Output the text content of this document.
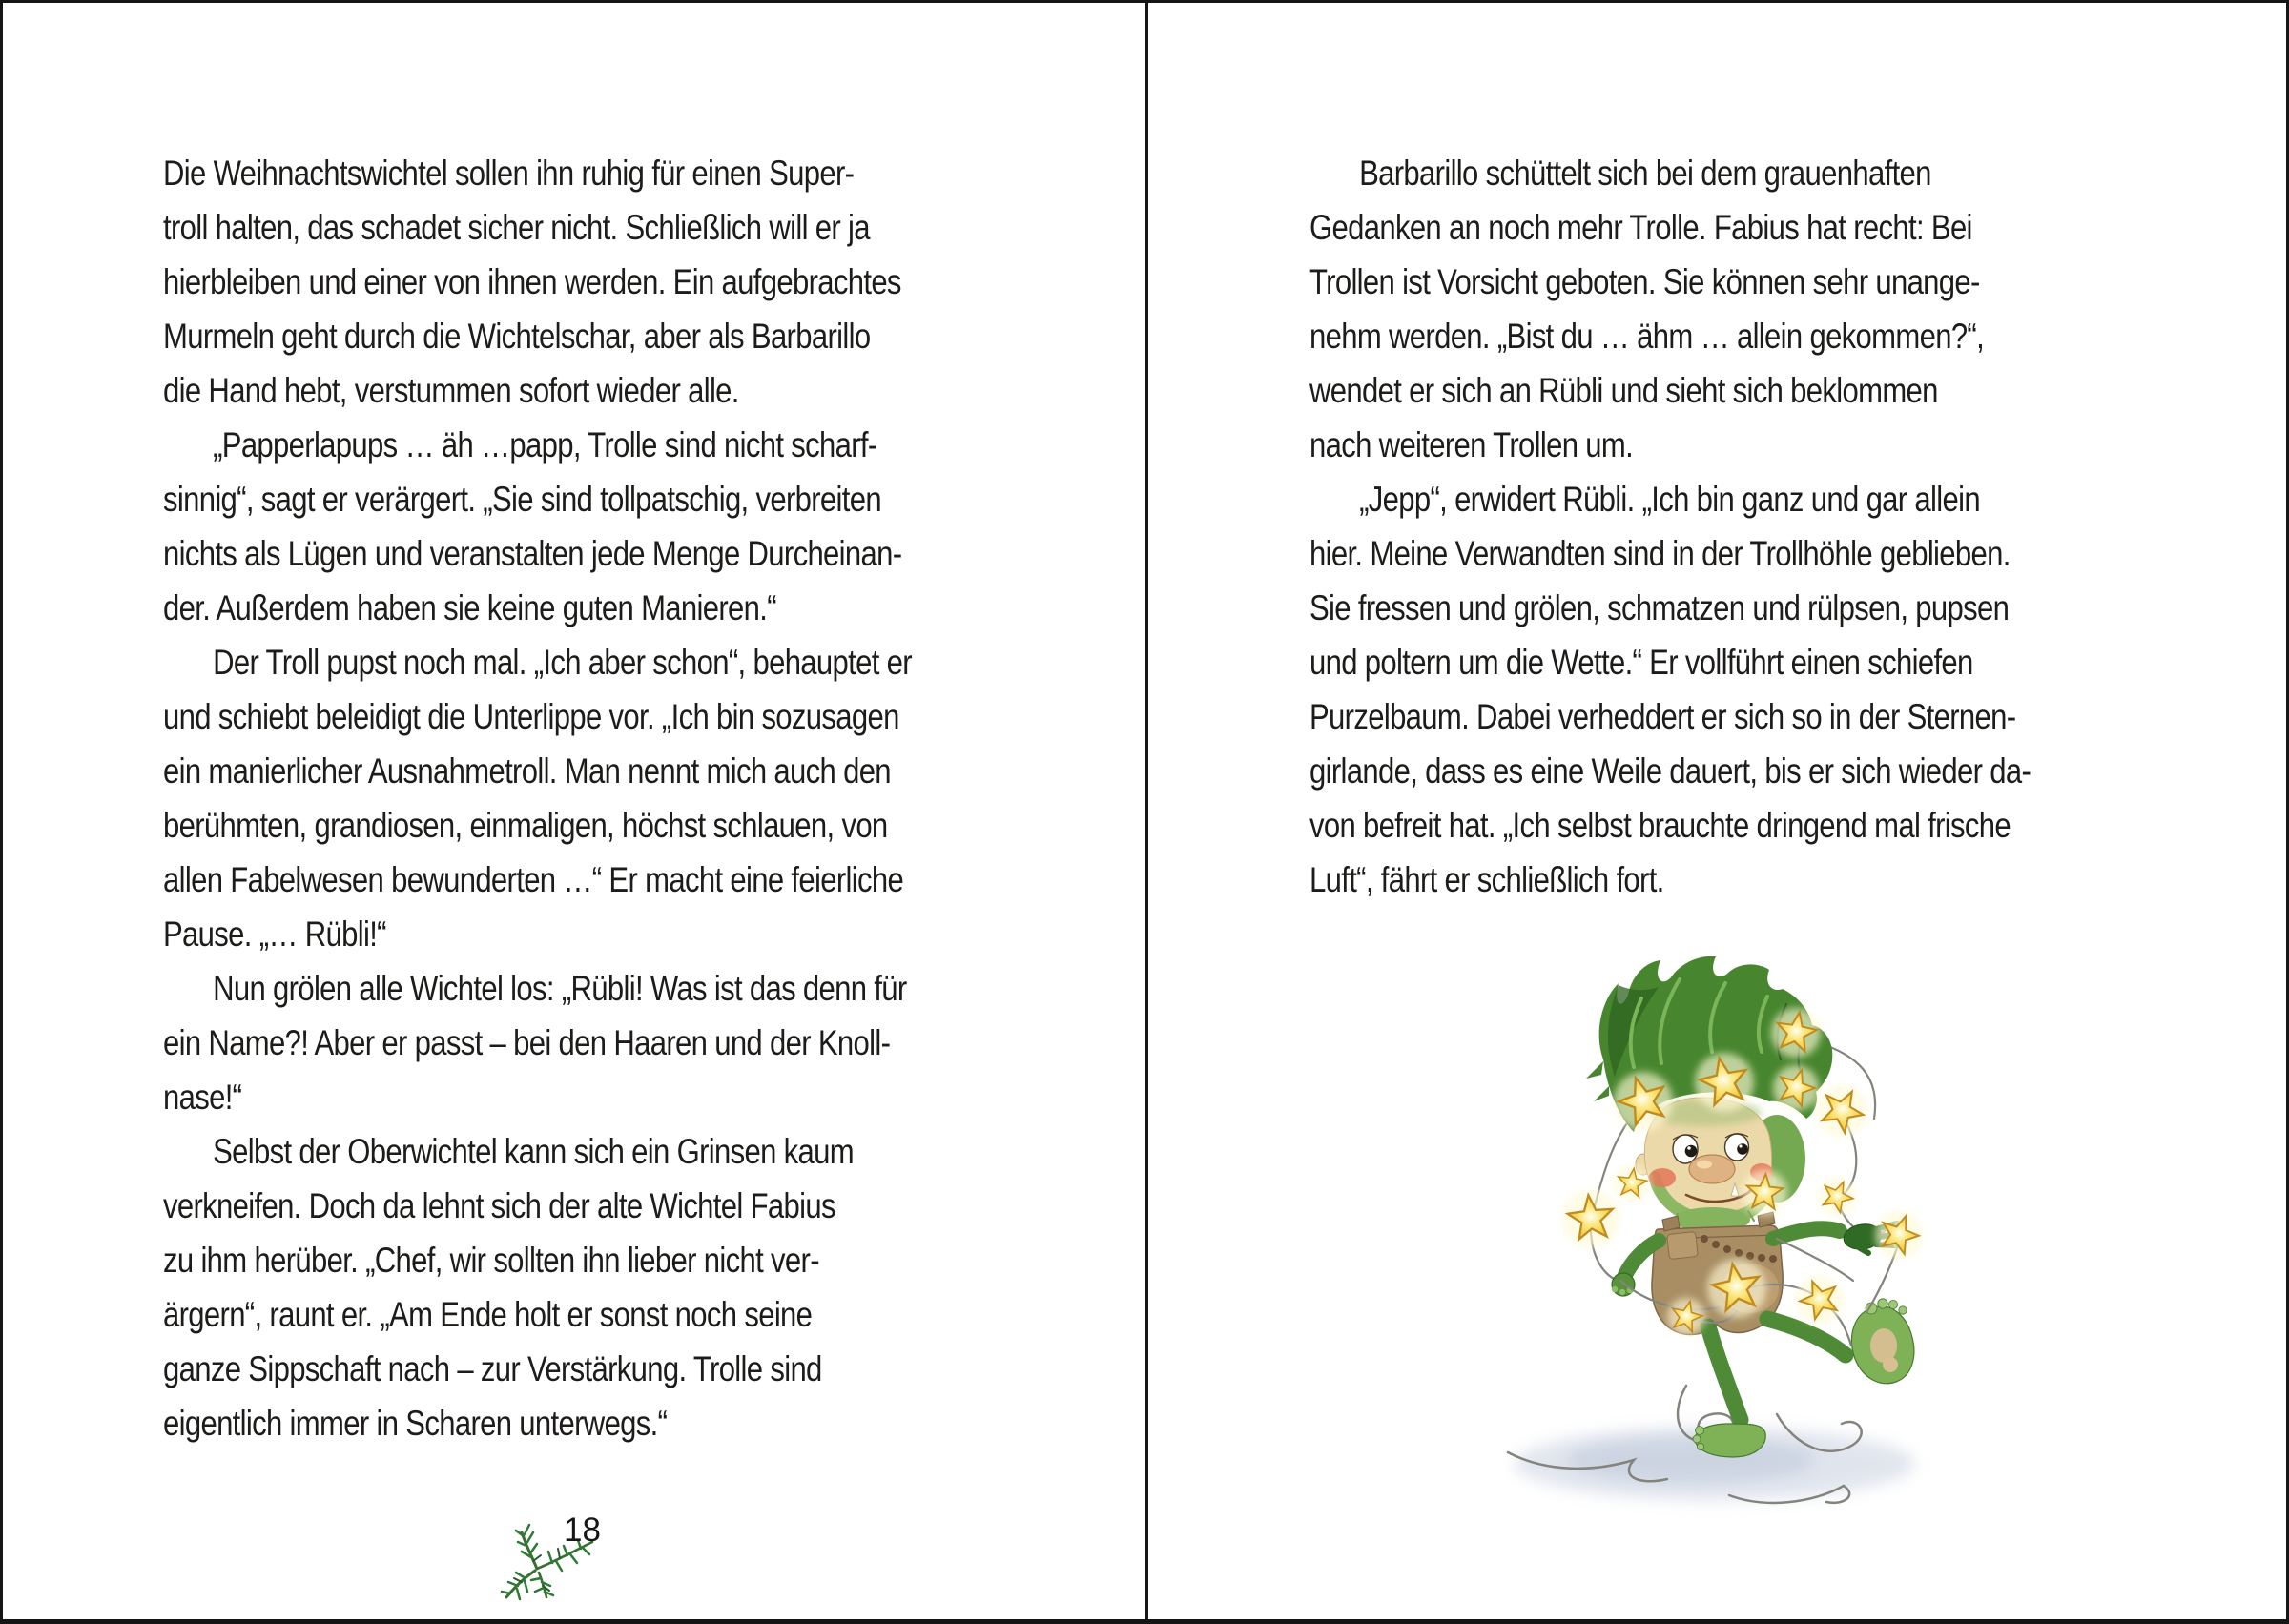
Die Weihnachtswichtel sollen ihn ruhig für einen Super-
troll halten, das schadet sicher nicht. Schließlich will er ja
hierbleiben und einer von ihnen werden. Ein aufgebrachtes
Murmeln geht durch die Wichtelschar, aber als Barbarillo
die Hand hebt, verstummen sofort wieder alle.
„Papperlapups … äh …papp, Trolle sind nicht scharf-
sinnig“, sagt er verärgert. „Sie sind tollpatschig, verbreiten
nichts als Lügen und veranstalten jede Menge Durcheinan-
der. Außerdem haben sie keine guten Manieren.“
Der Troll pupst noch mal. „Ich aber schon“, behauptet er
und schiebt beleidigt die Unterlippe vor. „Ich bin sozusagen
ein manierlicher Ausnahmetroll. Man nennt mich auch den
berühmten, grandiosen, einmaligen, höchst schlauen, von
allen Fabelwesen bewunderten …“ Er macht eine feierliche
Pause. „… Rübli!“
Nun grölen alle Wichtel los: „Rübli! Was ist das denn für
ein Name?! Aber er passt – bei den Haaren und der Knoll-
nase!“
Selbst der Oberwichtel kann sich ein Grinsen kaum
verkneifen. Doch da lehnt sich der alte Wichtel Fabius
zu ihm herüber. „Chef, wir sollten ihn lieber nicht ver-
ärgern“, raunt er. „Am Ende holt er sonst noch seine
ganze Sippschaft nach – zur Verstärkung. Trolle sind
eigentlich immer in Scharen unterwegs.“
18
Barbarillo schüttelt sich bei dem grauenhaften
Gedanken an noch mehr Trolle. Fabius hat recht: Bei
Trollen ist Vorsicht geboten. Sie können sehr unange-
nehm werden. „Bist du … ähm … allein gekommen?“,
wendet er sich an Rübli und sieht sich beklommen
nach weiteren Trollen um.
„Jepp“, erwidert Rübli. „Ich bin ganz und gar allein
hier. Meine Verwandten sind in der Trollhöhle geblieben.
Sie fressen und grölen, schmatzen und rülpsen, pupsen
und poltern um die Wette.“ Er vollführt einen schiefen
Purzelbaum. Dabei verheddert er sich so in der Sternen-
girlande, dass es eine Weile dauert, bis er sich wieder da-
von befreit hat. „Ich selbst brauchte dringend mal frische
Luft“, fährt er schließlich fort.
